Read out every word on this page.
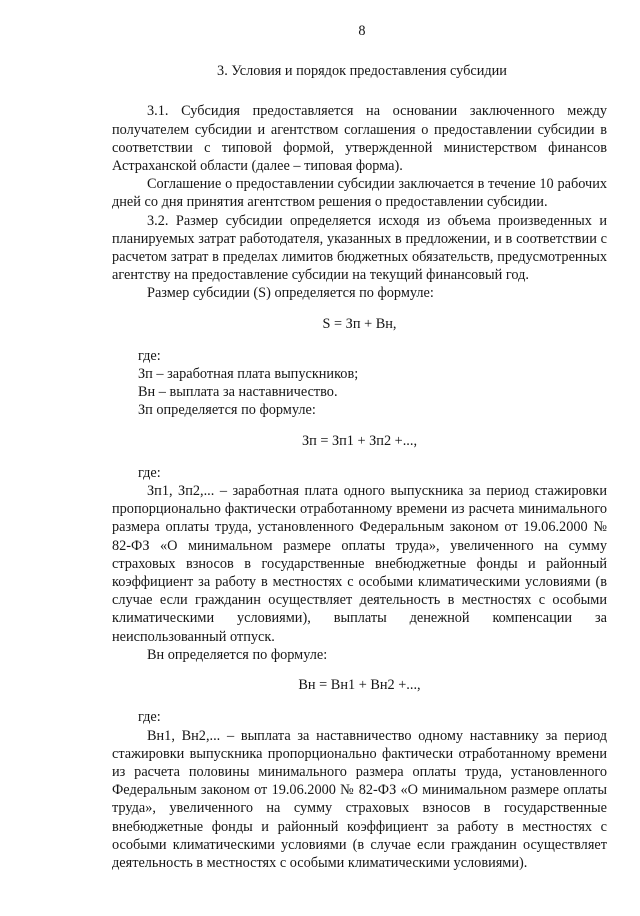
8
3. Условия и порядок предоставления субсидии

3.1. Субсидия предоставляется на основании заключенного между получателем субсидии и агентством соглашения о предоставлении субсидии в соответствии с типовой формой, утвержденной министерством финансов Астраханской области (далее – типовая форма).

Соглашение о предоставлении субсидии заключается в течение 10 рабочих дней со дня принятия агентством решения о предоставлении субсидии.

3.2. Размер субсидии определяется исходя из объема произведенных и планируемых затрат работодателя, указанных в предложении, и в соответствии с расчетом затрат в пределах лимитов бюджетных обязательств, предусмотренных агентству на предоставление субсидии на текущий финансовый год.

Размер субсидии (S) определяется по формуле:

S = Зп + Вн,

где:

Зп – заработная плата выпускников;

Вн – выплата за наставничество.

Зп определяется по формуле:

Зп = Зп1 + Зп2 +...,

где:

Зп1, Зп2,... – заработная плата одного выпускника за период стажировки пропорционально фактически отработанному времени из расчета минимального размера оплаты труда, установленного Федеральным законом от 19.06.2000 № 82-ФЗ «О минимальном размере оплаты труда», увеличенного на сумму страховых взносов в государственные внебюджетные фонды и районный коэффициент за работу в местностях с особыми климатическими условиями (в случае если гражданин осуществляет деятельность в местностях с особыми климатическими условиями), выплаты денежной компенсации за неиспользованный отпуск.

Вн определяется по формуле:

Вн = Вн1 + Вн2 +...,

где:

Вн1, Вн2,... – выплата за наставничество одному наставнику за период стажировки выпускника пропорционально фактически отработанному времени из расчета половины минимального размера оплаты труда, установленного Федеральным законом от 19.06.2000 № 82-ФЗ «О минимальном размере оплаты труда», увеличенного на сумму страховых взносов в государственные внебюджетные фонды и районный коэффициент за работу в местностях с особыми климатическими условиями (в случае если гражданин осуществляет деятельность в местностях с особыми климатическими условиями).
